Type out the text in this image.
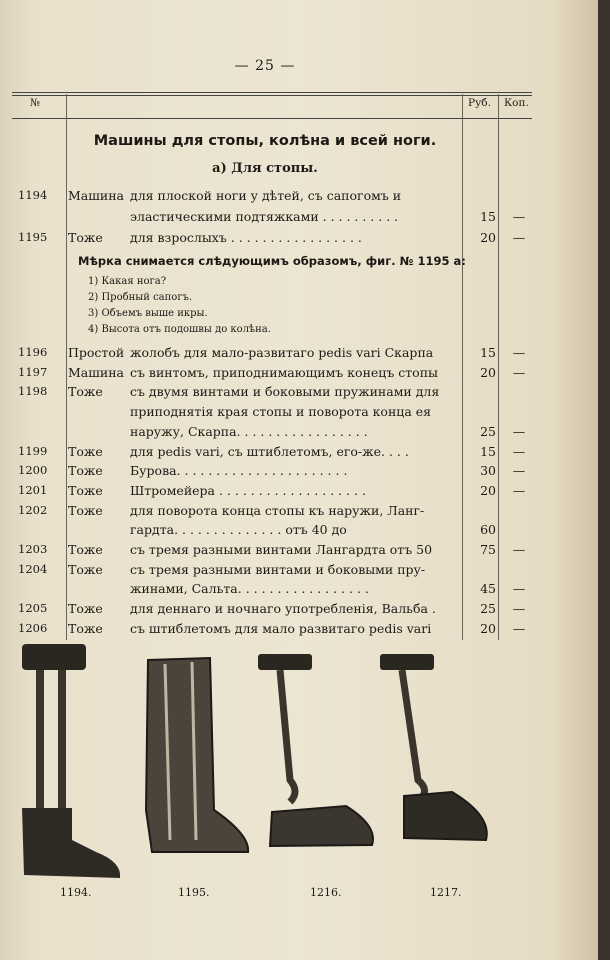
— 25 —
№	Руб. Коп.
Машины для стопы, колѣна и всей ноги.
а) Для стопы.
1194 Машина для плоской ноги у дѣтей, съ сапогомъ и
эластическими подтяжками . . . . . . . . . .	15	—
1195 Тоже для взрослыхъ . . . . . . . . . . . . . . . . .	20	—
Мѣрка снимается слѣдующимъ образомъ, фиг. № 1195 а:
1) Какая нога?
2) Пробный сапогъ.
3) Объемъ выше икры.
4) Высота отъ подошвы до колѣна.
1196 Простой жолобъ для мало-развитаго pedis vari Скарпа	15	—
1197 Машина съ винтомъ, приподнимающимъ конецъ стопы	20	—
1198 Тоже съ двумя винтами и боковыми пружинами для
приподнятія края стопы и поворота конца ея
наружу, Скарпа. . . . . . . . . . . . . . . . .	25	—
1199 Тоже для pedis vari, съ штиблетомъ, его-же. . . .	15	—
1200 Тоже Бурова. . . . . . . . . . . . . . . . . . . . . .	30	—
1201 Тоже Штромейера . . . . . . . . . . . . . . . . . . .	20	—
1202 Тоже для поворота конца стопы къ наружи, Ланг-
гардта. . . . . . . . . . . . . . отъ 40 до	60
1203 Тоже съ тремя разными винтами Лангардта отъ 50	75	—
1204 Тоже съ тремя разными винтами и боковыми пру-
жинами, Сальта. . . . . . . . . . . . . . . . .	45	—
1205 Тоже для деннаго и ночнаго употребленія, Вальба .	25	—
1206 Тоже съ штиблетомъ для мало развитаго pedis vari	20	—
1194.	1195.	1216.	1217.
